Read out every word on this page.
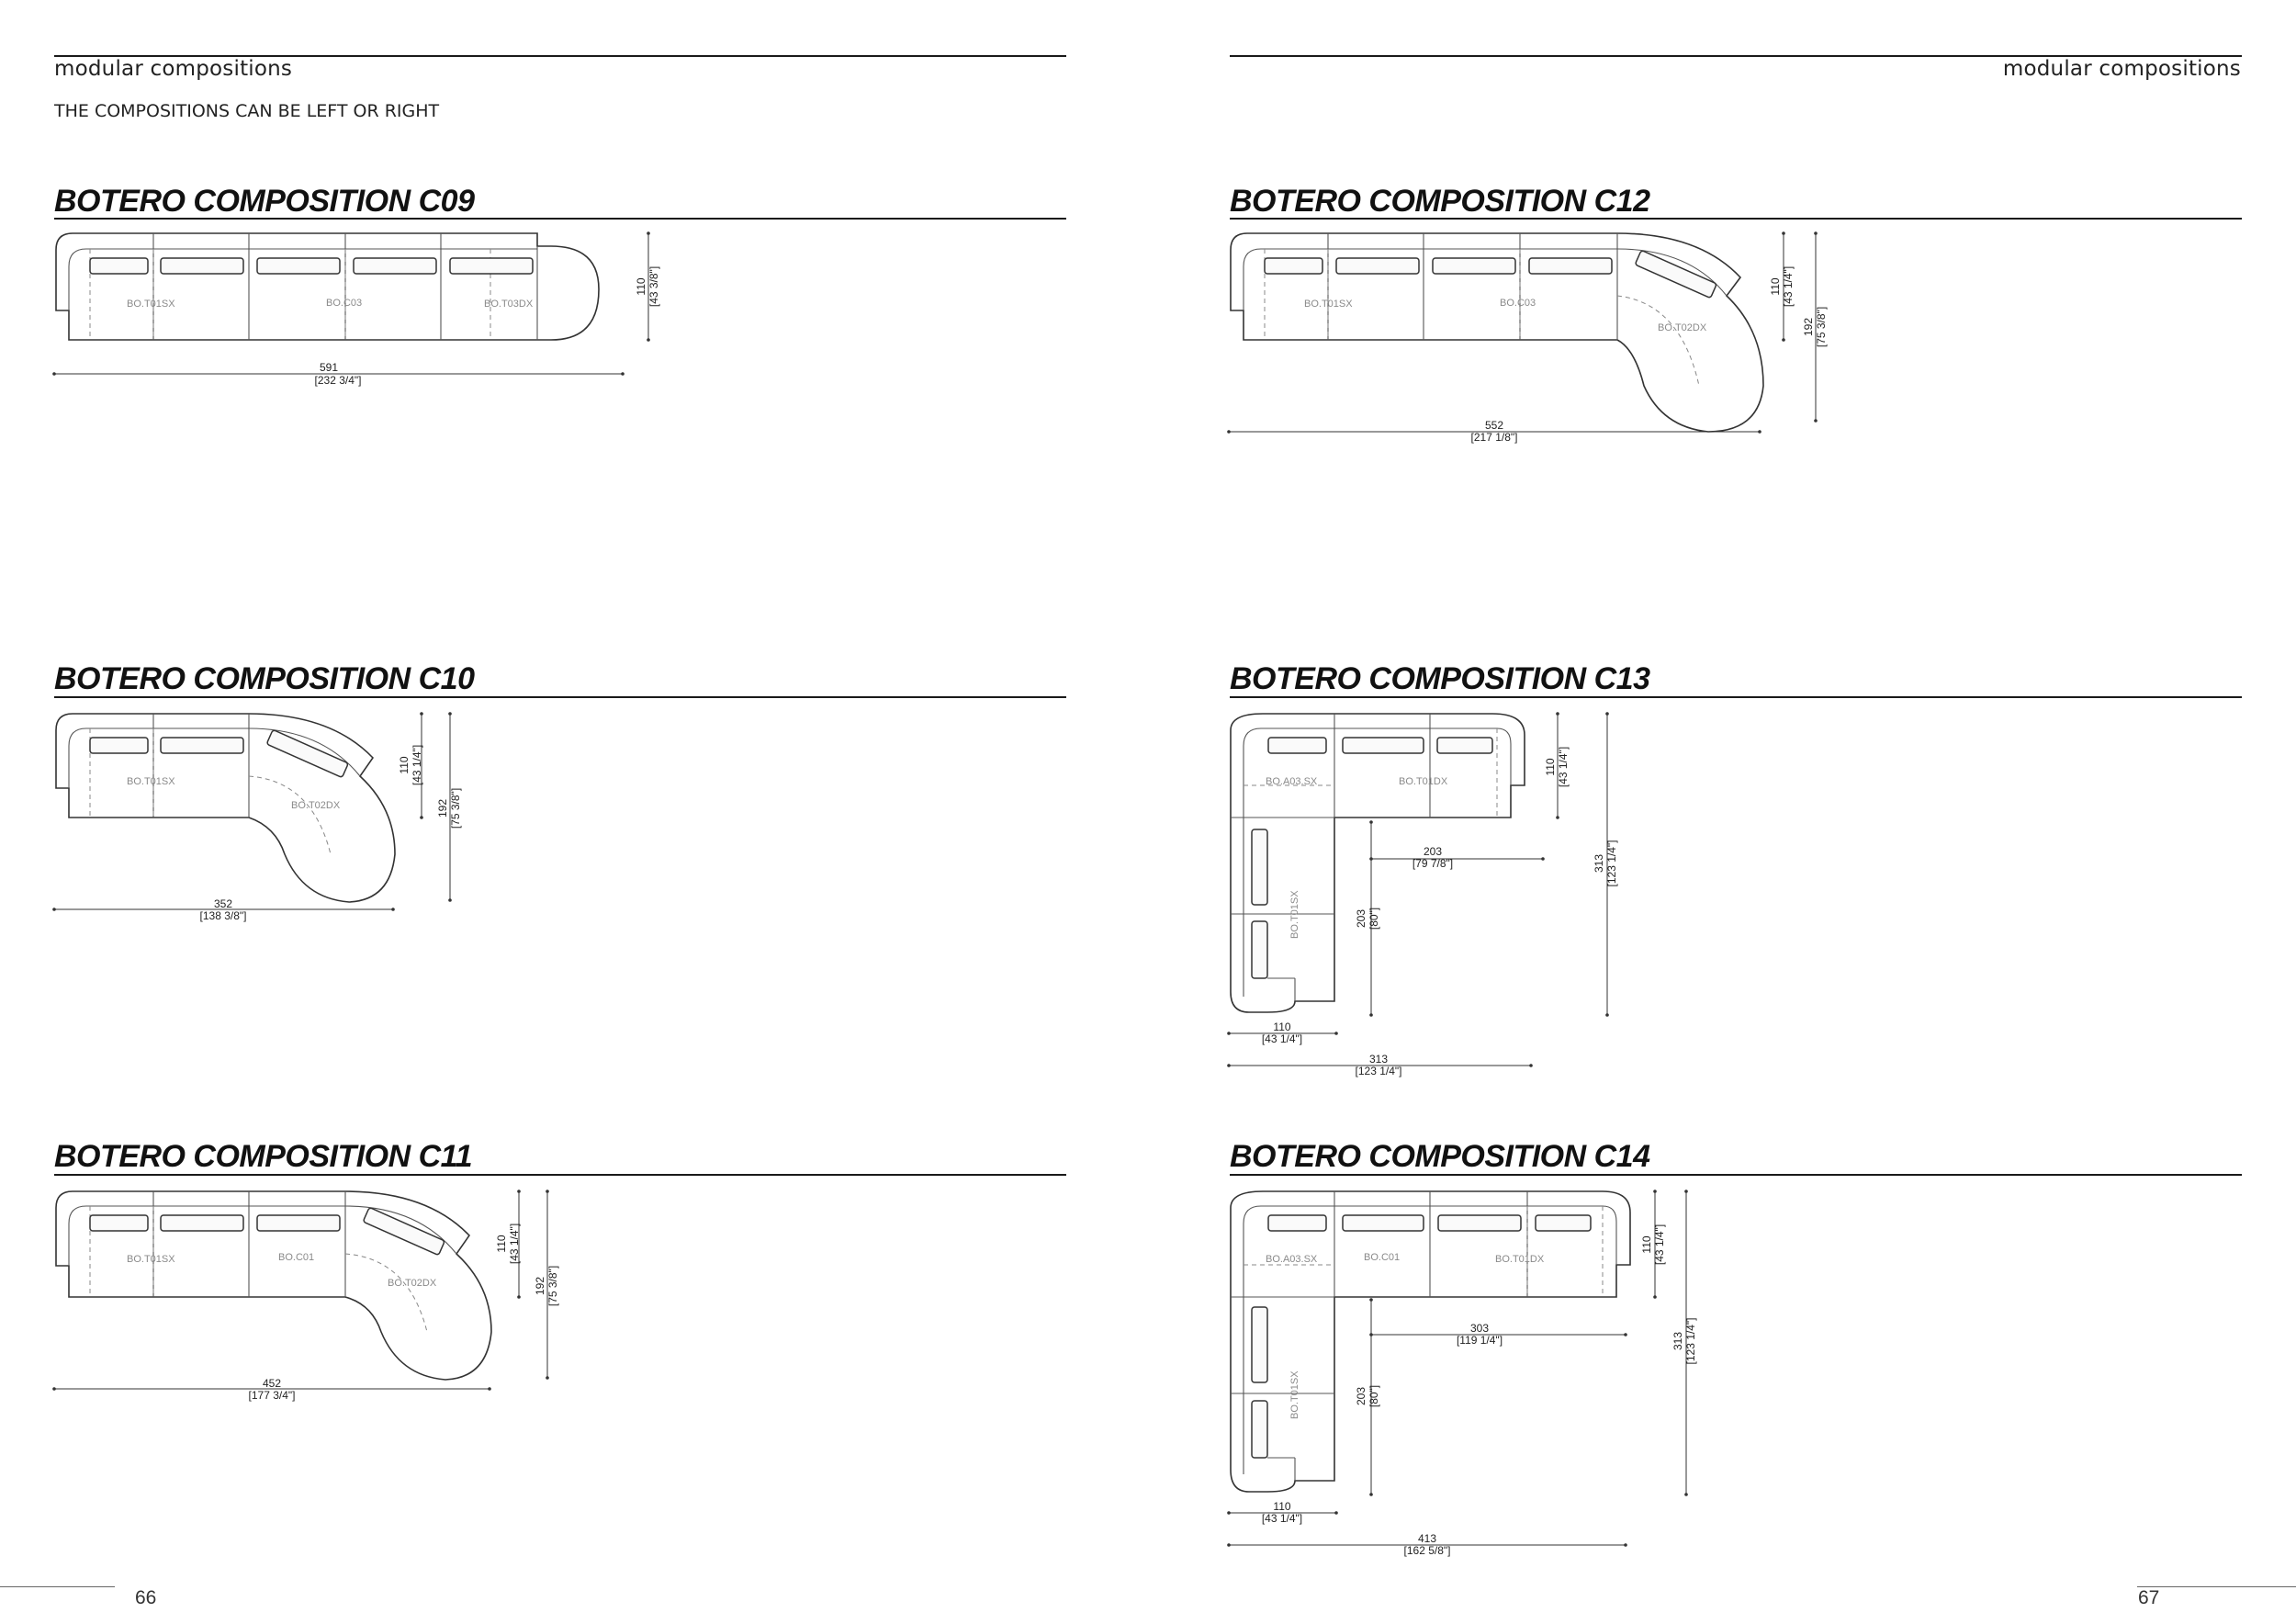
modular compositions
THE COMPOSITIONS CAN BE LEFT OR RIGHT
modular compositions
BOTERO COMPOSITION C09
BOTERO COMPOSITION C10
BOTERO COMPOSITION C11
BOTERO COMPOSITION C12
BOTERO COMPOSITION C13
BOTERO COMPOSITION C14
66	67
BO.T01SX	BO.C03	BO.T03DX
591
[232 3/4"]
110 [43 3/8"]
BO.T01SX
BO.T02DX
352
[138 3/8"]
110 [43 1/4"]
192 [75 3/8"]
BO.T01SX	BO.C01
BO.T02DX
452
[177 3/4"]
110 [43 1/4"]
192 [75 3/8"]
BO.T01SX	BO.C03
BO.T02DX
552
[217 1/8"]
110 [43 1/4"]
192 [75 3/8"]
BO.A03.SX	BO.T01DX
BO.T01SX
203
[79 7/8"]
203 [80"]
110 [43 1/4"]
313 [123 1/4"]
110
[43 1/4"]
313
[123 1/4"]
BO.A03.SX	BO.C01	BO.T01DX
BO.T01SX
303
[119 1/4"]
203 [80"]
110 [43 1/4"]
313 [123 1/4"]
110
[43 1/4"]
413
[162 5/8"]
